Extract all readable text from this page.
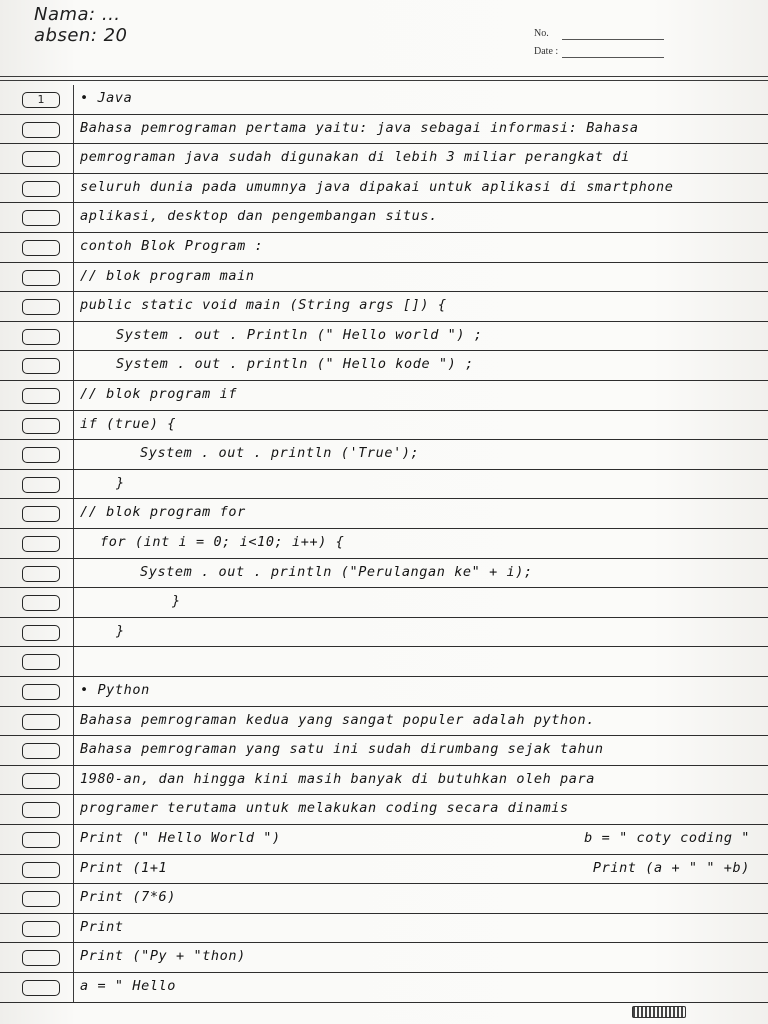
Nama: ...
absen: 20	No.
Date :
1	• Java
Bahasa pemrograman pertama yaitu: java sebagai informasi: Bahasa
pemrograman java sudah digunakan di lebih 3 miliar perangkat di
seluruh dunia pada umumnya java dipakai untuk aplikasi di smartphone
aplikasi, desktop dan pengembangan situs.
contoh Blok Program :
// blok program main
public static void main (String args []) {
System . out . Println (" Hello world ") ;
System . out . println (" Hello kode ") ;
// blok program if
if (true) {
System . out . println ('True');
}
// blok program for
for (int i = 0; i<10; i++) {
System . out . println ("Perulangan ke" + i);
}
}
• Python
Bahasa pemrograman kedua yang sangat populer adalah python.
Bahasa pemrograman yang satu ini sudah dirumbang sejak tahun
1980-an, dan hingga kini masih banyak di butuhkan oleh para
programer terutama untuk melakukan coding secara dinamis
Print (" Hello World ")	b = " coty coding "
Print (1+1	Print (a + " " +b)
Print (7*6)
Print
Print ("Py + "thon)
a = " Hello
